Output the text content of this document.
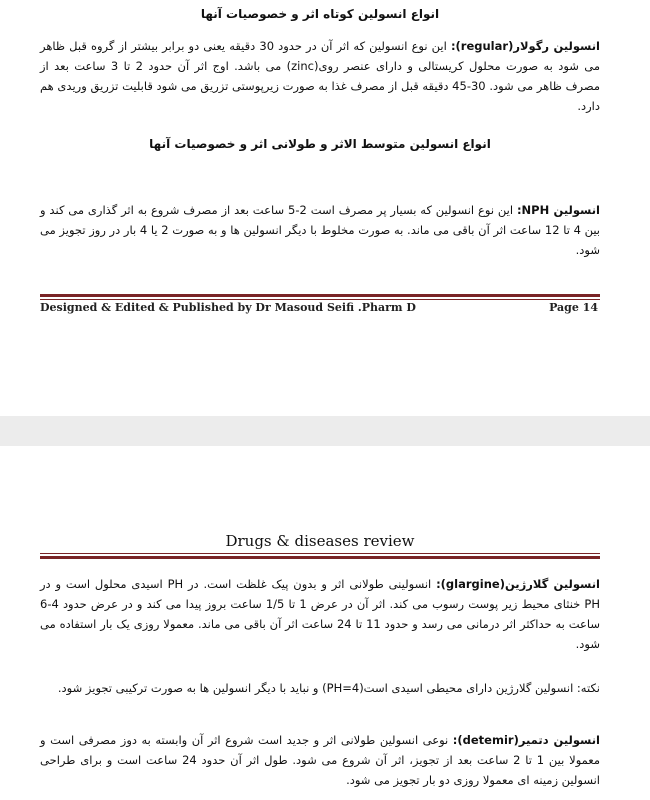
انواع انسولین کوتاه اثر و خصوصیات آنها

انسولین رگولار(regular): این نوع انسولین که اثر آن در حدود 30 دقیقه یعنی دو برابر بیشتر از گروه قبل ظاهر می شود به صورت محلول کریستالی و دارای عنصر روی(zinc) می باشد. اوج اثر آن حدود 2 تا 3 ساعت بعد از مصرف ظاهر می شود. 30-45 دقیقه قبل از مصرف غذا به صورت زیرپوستی تزریق می شود قابلیت تزریق وریدی هم دارد.

انواع انسولین متوسط الاثر و طولانی اثر و خصوصیات آنها

انسولین NPH: این نوع انسولین که بسیار پر مصرف است 2-5 ساعت بعد از مصرف شروع به اثر گذاری می کند و بین 4 تا 12 ساعت اثر آن باقی می ماند. به صورت مخلوط با دیگر انسولین ها و به صورت 2 یا 4 بار در روز تجویز می شود.

Designed & Edited & Published by Dr Masoud Seifi .Pharm D	Page 14
Drugs & diseases review

انسولین گلارژین(glargine): انسولینی طولانی اثر و بدون پیک غلظت است. در PH اسیدی محلول است و در PH خنثای محیط زیر پوست رسوب می کند. اثر آن در عرض 1 تا 1/5 ساعت بروز پیدا می کند و در عرض حدود 4-6 ساعت به حداکثر اثر درمانی می رسد و حدود 11 تا 24 ساعت اثر آن باقی می ماند. معمولا روزی یک بار استفاده می شود.

نکته: انسولین گلارژین دارای محیطی اسیدی است(PH=4) و نباید با دیگر انسولین ها به صورت ترکیبی تجویز شود.

انسولین دتمیر(detemir): نوعی انسولین طولانی اثر و جدید است شروع اثر آن وابسته به دوز مصرفی است و معمولا بین 1 تا 2 ساعت بعد از تجویز، اثر آن شروع می شود. طول اثر آن حدود 24 ساعت است و برای طراحی انسولین زمینه ای معمولا روزی دو بار تجویز می شود.
